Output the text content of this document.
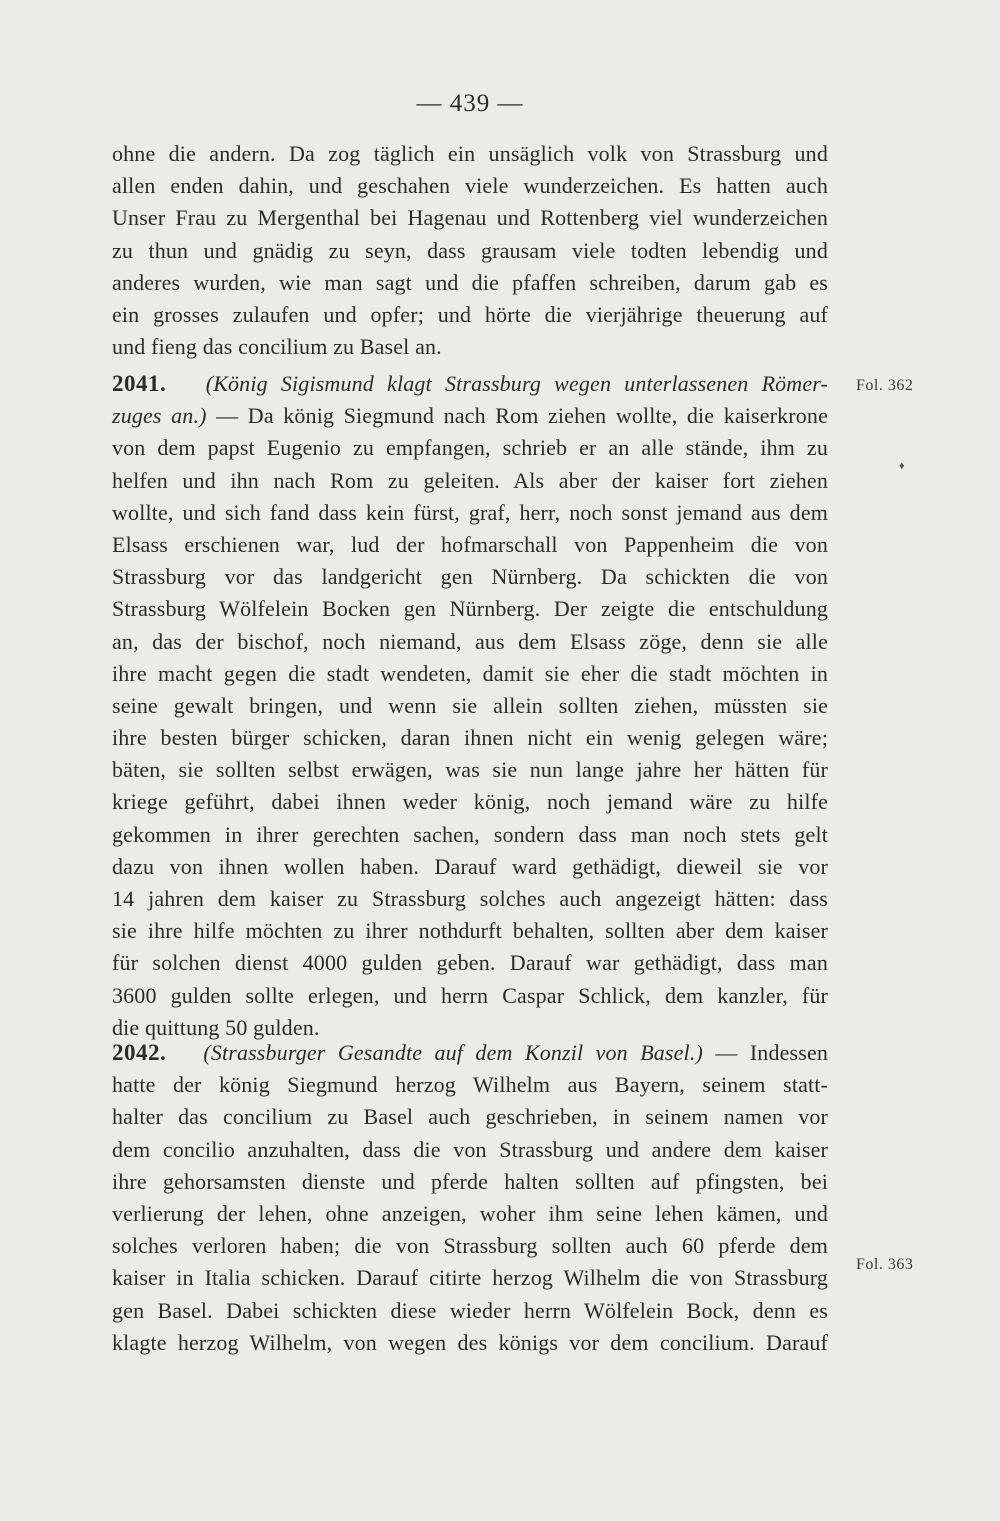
— 439 —
ohne die andern. Da zog täglich ein unsäglich volk von Strassburg und
allen enden dahin, und geschahen viele wunderzeichen. Es hatten auch
Unser Frau zu Mergenthal bei Hagenau und Rottenberg viel wunderzeichen
zu thun und gnädig zu seyn, dass grausam viele todten lebendig und
anderes wurden, wie man sagt und die pfaffen schreiben, darum gab es
ein grosses zulaufen und opfer; und hörte die vierjährige theuerung auf
und fieng das concilium zu Basel an.
2041. (König Sigismund klagt Strassburg wegen unterlassenen Römer-
zuges an.) — Da könig Siegmund nach Rom ziehen wollte, die kaiserkrone
von dem papst Eugenio zu empfangen, schrieb er an alle stände, ihm zu
helfen und ihn nach Rom zu geleiten. Als aber der kaiser fort ziehen
wollte, und sich fand dass kein fürst, graf, herr, noch sonst jemand aus dem
Elsass erschienen war, lud der hofmarschall von Pappenheim die von
Strassburg vor das landgericht gen Nürnberg. Da schickten die von
Strassburg Wölfelein Bocken gen Nürnberg. Der zeigte die entschuldung
an, das der bischof, noch niemand, aus dem Elsass zöge, denn sie alle
ihre macht gegen die stadt wendeten, damit sie eher die stadt möchten in
seine gewalt bringen, und wenn sie allein sollten ziehen, müssten sie
ihre besten bürger schicken, daran ihnen nicht ein wenig gelegen wäre;
bäten, sie sollten selbst erwägen, was sie nun lange jahre her hätten für
kriege geführt, dabei ihnen weder könig, noch jemand wäre zu hilfe
gekommen in ihrer gerechten sachen, sondern dass man noch stets gelt
dazu von ihnen wollen haben. Darauf ward gethädigt, dieweil sie vor
14 jahren dem kaiser zu Strassburg solches auch angezeigt hätten: dass
sie ihre hilfe möchten zu ihrer nothdurft behalten, sollten aber dem kaiser
für solchen dienst 4000 gulden geben. Darauf war gethädigt, dass man
3600 gulden sollte erlegen, und herrn Caspar Schlick, dem kanzler, für
die quittung 50 gulden.
2042. (Strassburger Gesandte auf dem Konzil von Basel.) — Indessen
hatte der könig Siegmund herzog Wilhelm aus Bayern, seinem statt-
halter das concilium zu Basel auch geschrieben, in seinem namen vor
dem concilio anzuhalten, dass die von Strassburg und andere dem kaiser
ihre gehorsamsten dienste und pferde halten sollten auf pfingsten, bei
verlierung der lehen, ohne anzeigen, woher ihm seine lehen kämen, und
solches verloren haben; die von Strassburg sollten auch 60 pferde dem
kaiser in Italia schicken. Darauf citirte herzog Wilhelm die von Strassburg
gen Basel. Dabei schickten diese wieder herrn Wölfelein Bock, denn es
klagte herzog Wilhelm, von wegen des königs vor dem concilium. Darauf
Fol. 362
♦
Fol. 363
